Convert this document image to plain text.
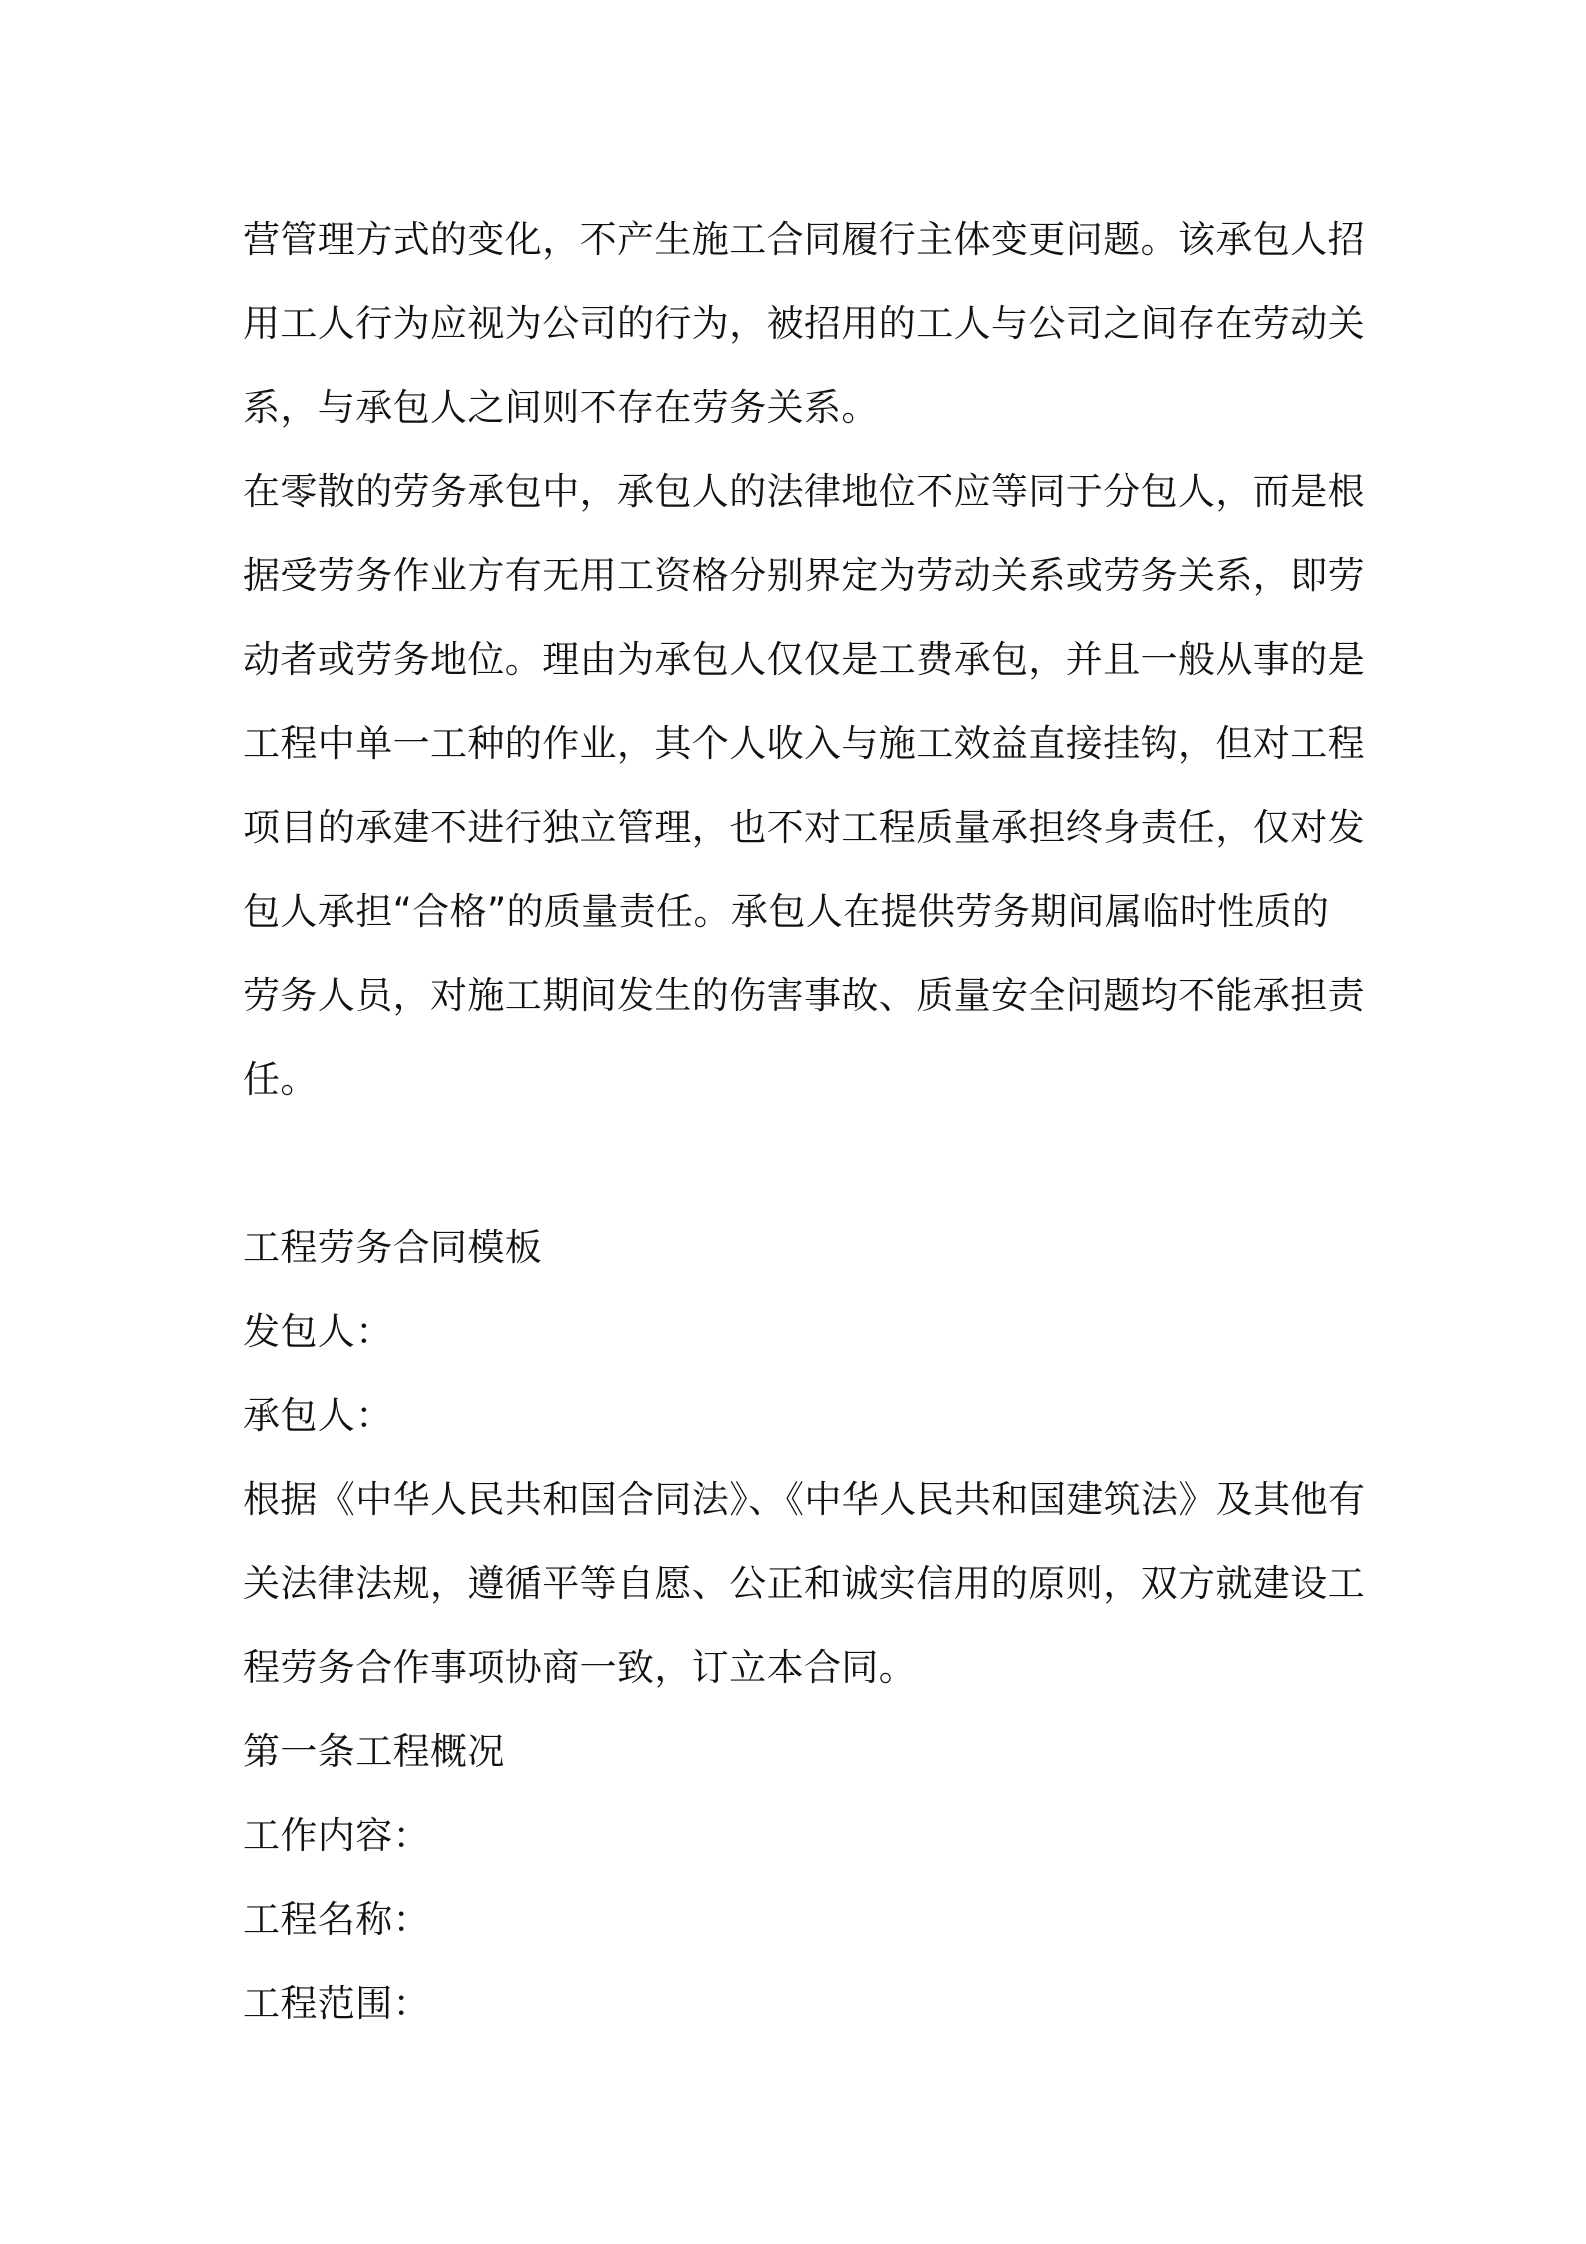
营管理方式的变化，不产生施工合同履行主体变更问题。该承包人招
用工人行为应视为公司的行为，被招用的工人与公司之间存在劳动关
系，与承包人之间则不存在劳务关系。

在零散的劳务承包中，承包人的法律地位不应等同于分包人，而是根
据受劳务作业方有无用工资格分别界定为劳动关系或劳务关系，即劳
动者或劳务地位。理由为承包人仅仅是工费承包，并且一般从事的是
工程中单一工种的作业，其个人收入与施工效益直接挂钩，但对工程
项目的承建不进行独立管理，也不对工程质量承担终身责任，仅对发
包人承担“合格”的质量责任。承包人在提供劳务期间属临时性质的
劳务人员，对施工期间发生的伤害事故、质量安全问题均不能承担责
任。

工程劳务合同模板

发包人：

承包人：

根据《中华人民共和国合同法》、《中华人民共和国建筑法》及其他有
关法律法规，遵循平等自愿、公正和诚实信用的原则，双方就建设工
程劳务合作事项协商一致，订立本合同。

第一条工程概况

工作内容：

工程名称：

工程范围：
